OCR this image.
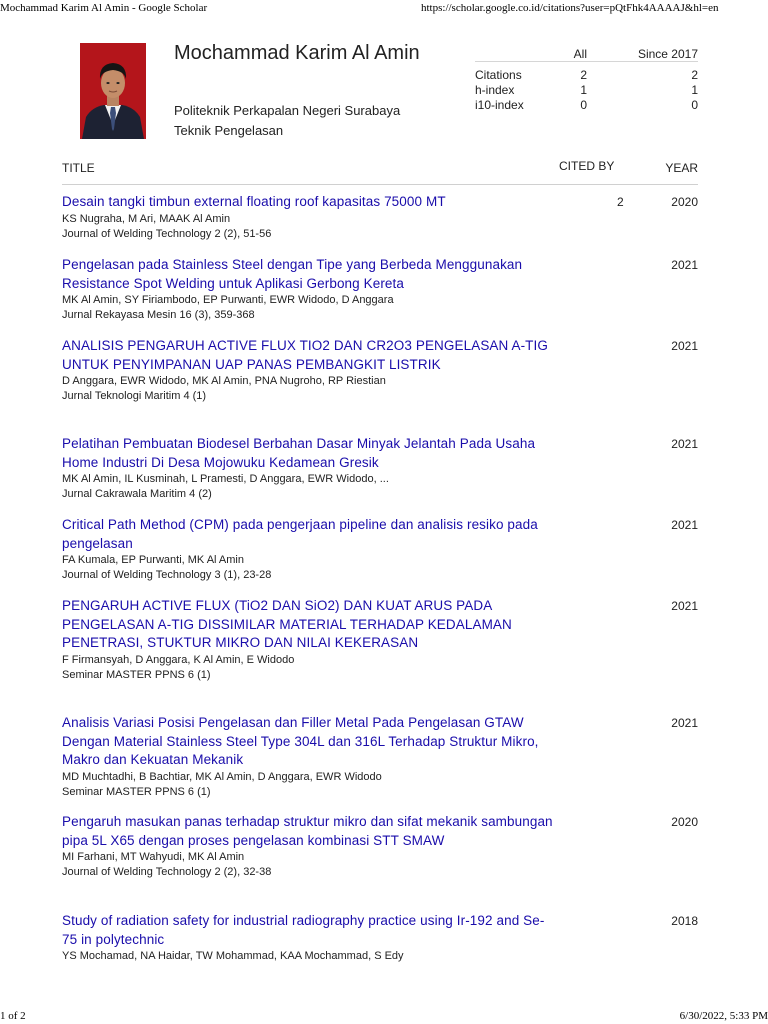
Mochammad Karim Al Amin - Google Scholar	https://scholar.google.co.id/citations?user=pQtFhk4AAAAJ&hl=en
Mochammad Karim Al Amin
Politeknik Perkapalan Negeri Surabaya
Teknik Pengelasan
All	Since 2017
Citations	2	2
h-index	1	1
i10-index	0	0
TITLE	CITED BY	YEAR
Desain tangki timbun external floating roof kapasitas 75000 MT
KS Nugraha, M Ari, MAAK Al Amin
Journal of Welding Technology 2 (2), 51-56
2	2020
Pengelasan pada Stainless Steel dengan Tipe yang Berbeda Menggunakan Resistance Spot Welding untuk Aplikasi Gerbong Kereta
MK Al Amin, SY Firiambodo, EP Purwanti, EWR Widodo, D Anggara
Jurnal Rekayasa Mesin 16 (3), 359-368
2021
ANALISIS PENGARUH ACTIVE FLUX TIO2 DAN CR2O3 PENGELASAN A-TIG UNTUK PENYIMPANAN UAP PANAS PEMBANGKIT LISTRIK
D Anggara, EWR Widodo, MK Al Amin, PNA Nugroho, RP Riestian
Jurnal Teknologi Maritim 4 (1)
2021
Pelatihan Pembuatan Biodesel Berbahan Dasar Minyak Jelantah Pada Usaha Home Industri Di Desa Mojowuku Kedamean Gresik
MK Al Amin, IL Kusminah, L Pramesti, D Anggara, EWR Widodo, ...
Jurnal Cakrawala Maritim 4 (2)
2021
Critical Path Method (CPM) pada pengerjaan pipeline dan analisis resiko pada pengelasan
FA Kumala, EP Purwanti, MK Al Amin
Journal of Welding Technology 3 (1), 23-28
2021
PENGARUH ACTIVE FLUX (TiO2 DAN SiO2) DAN KUAT ARUS PADA PENGELASAN A-TIG DISSIMILAR MATERIAL TERHADAP KEDALAMAN PENETRASI, STUKTUR MIKRO DAN NILAI KEKERASAN
F Firmansyah, D Anggara, K Al Amin, E Widodo
Seminar MASTER PPNS 6 (1)
2021
Analisis Variasi Posisi Pengelasan dan Filler Metal Pada Pengelasan GTAW Dengan Material Stainless Steel Type 304L dan 316L Terhadap Struktur Mikro, Makro dan Kekuatan Mekanik
MD Muchtadhi, B Bachtiar, MK Al Amin, D Anggara, EWR Widodo
Seminar MASTER PPNS 6 (1)
2021
Pengaruh masukan panas terhadap struktur mikro dan sifat mekanik sambungan pipa 5L X65 dengan proses pengelasan kombinasi STT SMAW
MI Farhani, MT Wahyudi, MK Al Amin
Journal of Welding Technology 2 (2), 32-38
2020
Study of radiation safety for industrial radiography practice using Ir-192 and Se-75 in polytechnic
YS Mochamad, NA Haidar, TW Mohammad, KAA Mochammad, S Edy
2018
1 of 2	6/30/2022, 5:33 PM
